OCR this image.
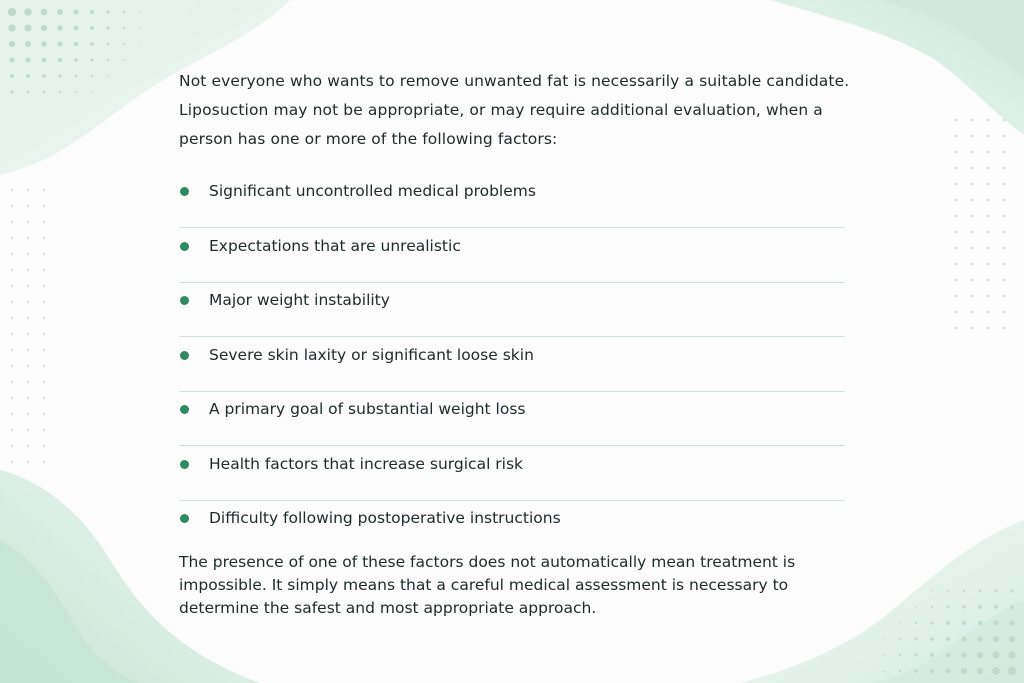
Not everyone who wants to remove unwanted fat is necessarily a suitable candidate. Liposuction may not be appropriate, or may require additional evaluation, when a person has one or more of the following factors:

Significant uncontrolled medical problems
Expectations that are unrealistic
Major weight instability
Severe skin laxity or significant loose skin
A primary goal of substantial weight loss
Health factors that increase surgical risk
Difficulty following postoperative instructions

The presence of one of these factors does not automatically mean treatment is impossible. It simply means that a careful medical assessment is necessary to determine the safest and most appropriate approach.
